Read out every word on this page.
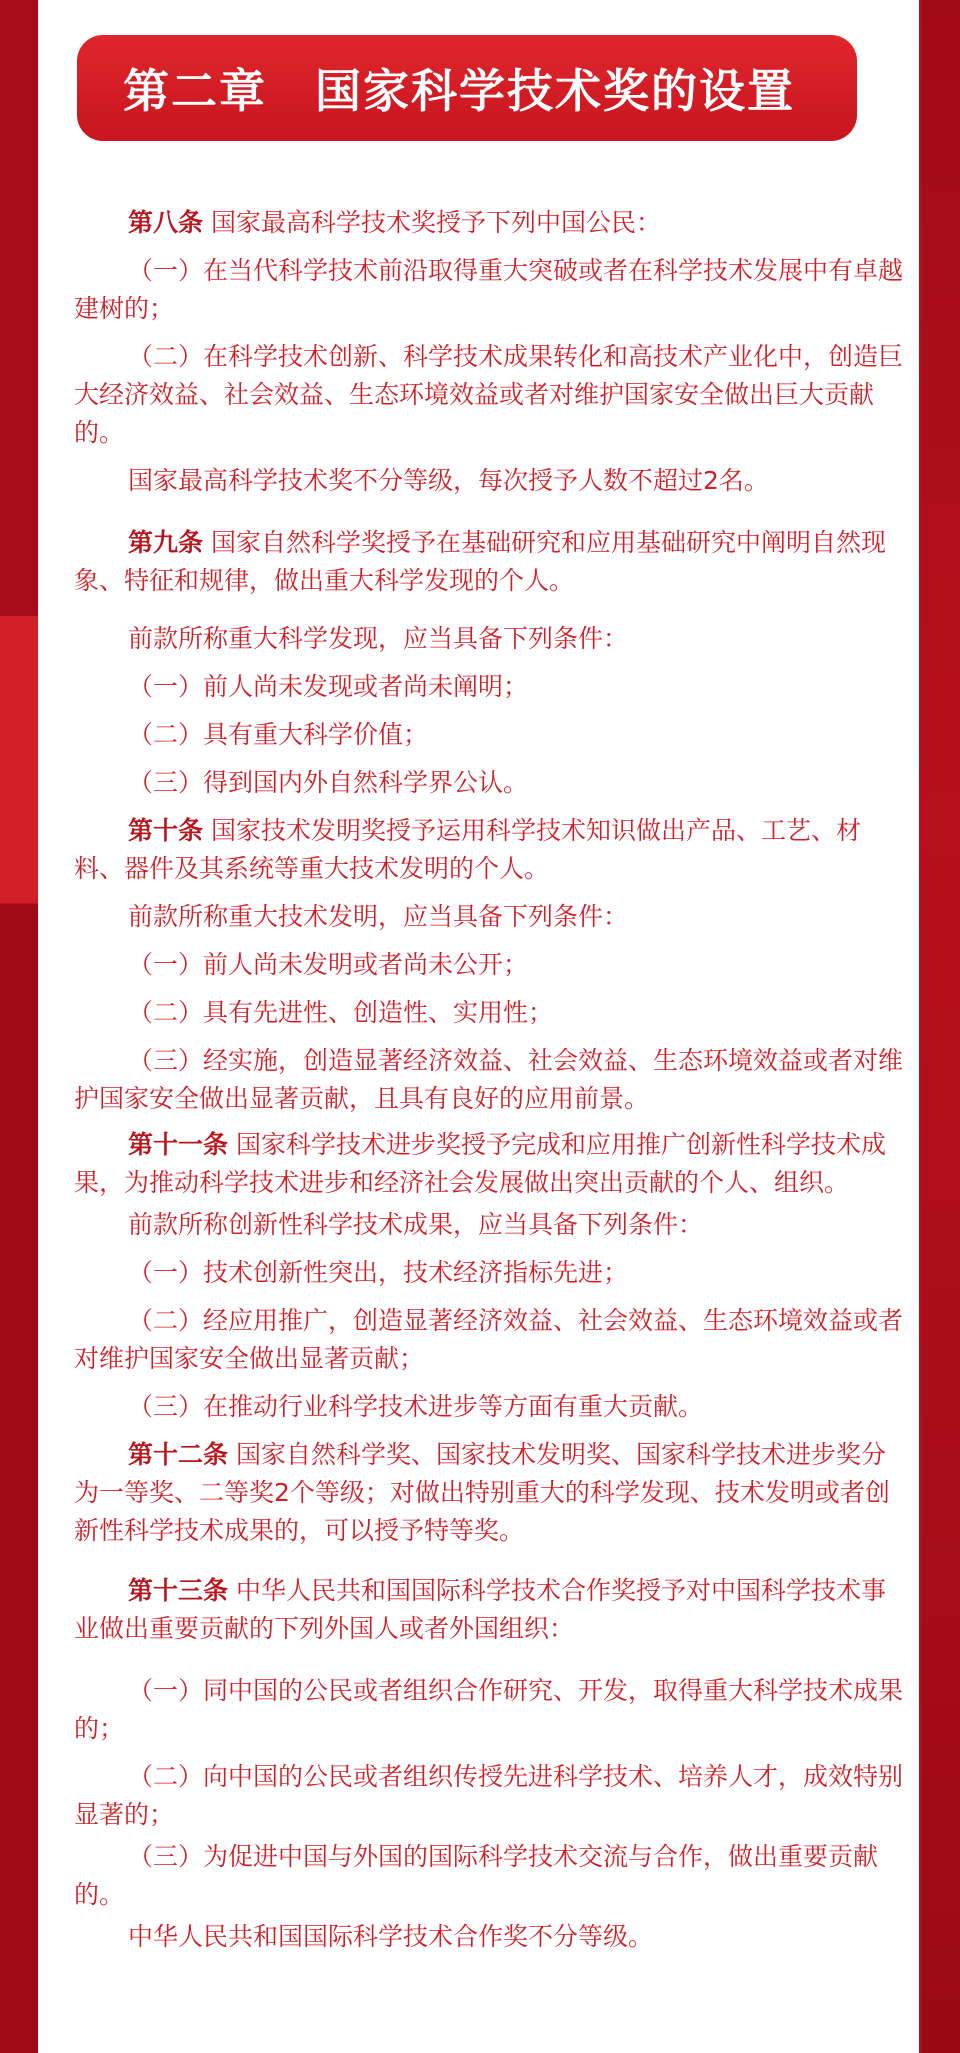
第二章　国家科学技术奖的设置

第八条 国家最高科学技术奖授予下列中国公民：

（一）在当代科学技术前沿取得重大突破或者在科学技术发展中有卓越建树的；

（二）在科学技术创新、科学技术成果转化和高技术产业化中，创造巨大经济效益、社会效益、生态环境效益或者对维护国家安全做出巨大贡献的。

国家最高科学技术奖不分等级，每次授予人数不超过2名。

第九条 国家自然科学奖授予在基础研究和应用基础研究中阐明自然现象、特征和规律，做出重大科学发现的个人。

前款所称重大科学发现，应当具备下列条件：

（一）前人尚未发现或者尚未阐明；

（二）具有重大科学价值；

（三）得到国内外自然科学界公认。

第十条 国家技术发明奖授予运用科学技术知识做出产品、工艺、材料、器件及其系统等重大技术发明的个人。

前款所称重大技术发明，应当具备下列条件：

（一）前人尚未发明或者尚未公开；

（二）具有先进性、创造性、实用性；

（三）经实施，创造显著经济效益、社会效益、生态环境效益或者对维护国家安全做出显著贡献，且具有良好的应用前景。

第十一条 国家科学技术进步奖授予完成和应用推广创新性科学技术成果，为推动科学技术进步和经济社会发展做出突出贡献的个人、组织。

前款所称创新性科学技术成果，应当具备下列条件：

（一）技术创新性突出，技术经济指标先进；

（二）经应用推广，创造显著经济效益、社会效益、生态环境效益或者对维护国家安全做出显著贡献；

（三）在推动行业科学技术进步等方面有重大贡献。

第十二条 国家自然科学奖、国家技术发明奖、国家科学技术进步奖分为一等奖、二等奖2个等级；对做出特别重大的科学发现、技术发明或者创新性科学技术成果的，可以授予特等奖。

第十三条 中华人民共和国国际科学技术合作奖授予对中国科学技术事业做出重要贡献的下列外国人或者外国组织：

（一）同中国的公民或者组织合作研究、开发，取得重大科学技术成果的；

（二）向中国的公民或者组织传授先进科学技术、培养人才，成效特别显著的；

（三）为促进中国与外国的国际科学技术交流与合作，做出重要贡献的。

中华人民共和国国际科学技术合作奖不分等级。
